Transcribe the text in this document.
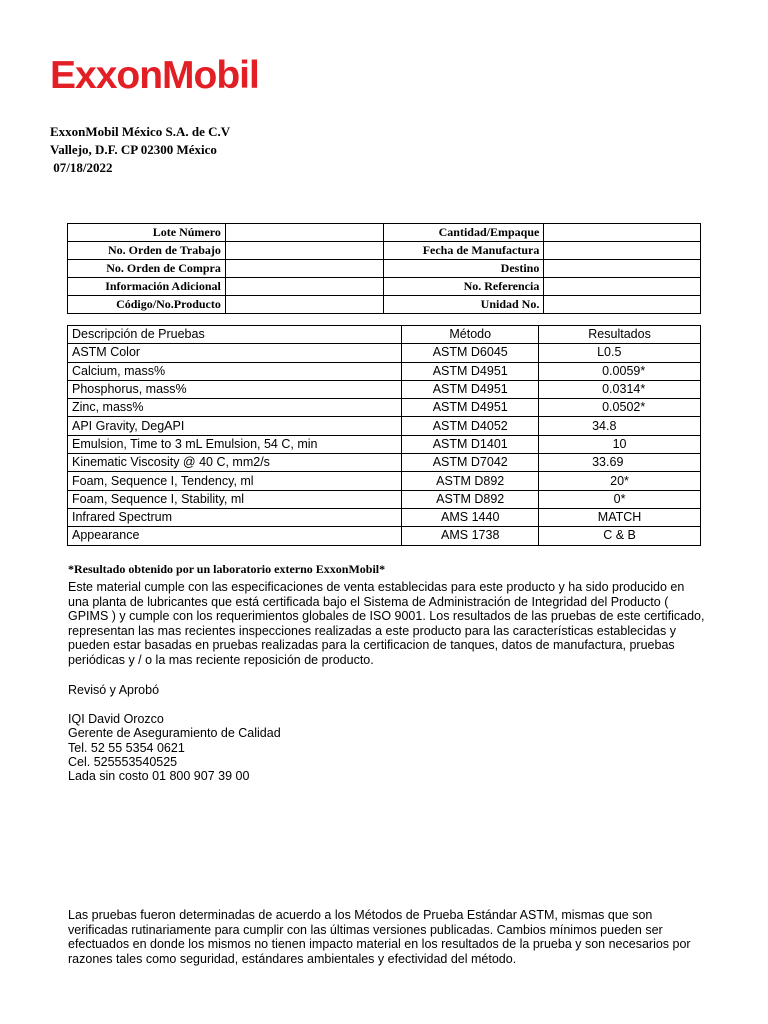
ExxonMobil
ExxonMobil México S.A. de C.V
Vallejo, D.F. CP 02300 México
07/18/2022
Lote Número		Cantidad/Empaque	
No. Orden de Trabajo		Fecha de Manufactura	
No. Orden de Compra		Destino	
Información Adicional		No. Referencia	
Código/No.Producto		Unidad No.	
Descripción de Pruebas	Método	Resultados
ASTM Color	ASTM D6045	L0.5
Calcium, mass%	ASTM D4951	0.0059*
Phosphorus, mass%	ASTM D4951	0.0314*
Zinc, mass%	ASTM D4951	0.0502*
API Gravity, DegAPI	ASTM D4052	34.8
Emulsion, Time to 3 mL Emulsion, 54 C, min	ASTM D1401	10
Kinematic Viscosity @ 40 C, mm2/s	ASTM D7042	33.69
Foam, Sequence I, Tendency, ml	ASTM D892	20*
Foam, Sequence I, Stability, ml	ASTM D892	0*
Infrared Spectrum	AMS 1440	MATCH
Appearance	AMS 1738	C & B
*Resultado obtenido por un laboratorio externo ExxonMobil*
Este material cumple con las especificaciones de venta establecidas para este producto y ha sido producido en una planta de lubricantes que está certificada bajo el Sistema de Administración de Integridad del Producto ( GPIMS ) y cumple con los requerimientos globales de ISO 9001. Los resultados de las pruebas de este certificado, representan las mas recientes inspecciones realizadas a este producto para las características establecidas y pueden estar basadas en pruebas realizadas para la certificacion de tanques, datos de manufactura, pruebas periódicas y / o la mas reciente reposición de producto.
Revisó y Aprobó
IQI David Orozco
Gerente de Aseguramiento de Calidad
Tel. 52 55 5354 0621
Cel. 525553540525
Lada sin costo 01 800 907 39 00
Las pruebas fueron determinadas de acuerdo a los Métodos de Prueba Estándar ASTM, mismas que son verificadas rutinariamente para cumplir con las últimas versiones publicadas. Cambios mínimos pueden ser efectuados en donde los mismos no tienen impacto material en los resultados de la prueba y son necesarios por razones tales como seguridad, estándares ambientales y efectividad del método.
